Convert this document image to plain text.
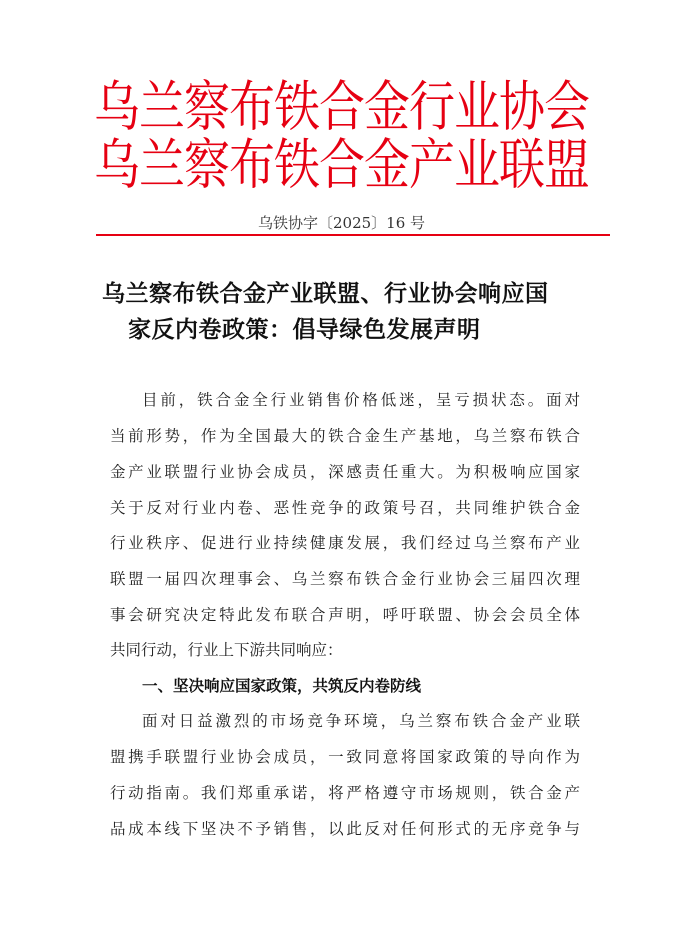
乌兰察布铁合金行业协会
乌兰察布铁合金产业联盟
乌铁协字〔2025〕16 号
乌兰察布铁合金产业联盟、行业协会响应国
家反内卷政策：倡导绿色发展声明
目前，铁合金全行业销售价格低迷，呈亏损状态。面对
当前形势，作为全国最大的铁合金生产基地，乌兰察布铁合
金产业联盟行业协会成员，深感责任重大。为积极响应国家
关于反对行业内卷、恶性竞争的政策号召，共同维护铁合金
行业秩序、促进行业持续健康发展，我们经过乌兰察布产业
联盟一届四次理事会、乌兰察布铁合金行业协会三届四次理
事会研究决定特此发布联合声明，呼吁联盟、协会会员全体
共同行动，行业上下游共同响应：
一、坚决响应国家政策，共筑反内卷防线
面对日益激烈的市场竞争环境，乌兰察布铁合金产业联
盟携手联盟行业协会成员，一致同意将国家政策的导向作为
行动指南。我们郑重承诺，将严格遵守市场规则，铁合金产
品成本线下坚决不予销售，以此反对任何形式的无序竞争与
